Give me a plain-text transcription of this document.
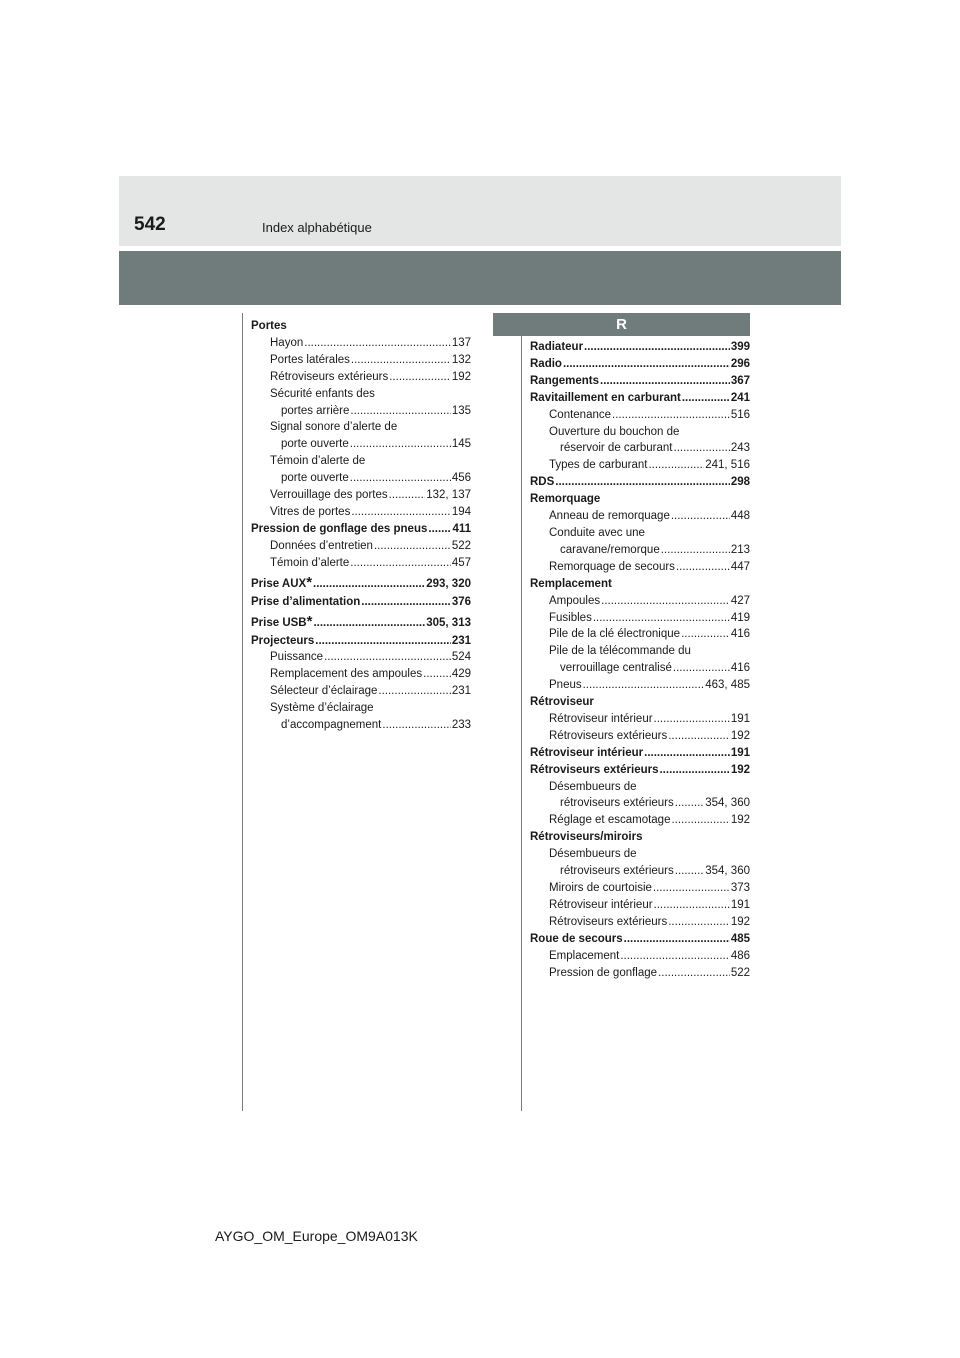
542	Index alphabétique
R
Portes
Hayon .....	137
Portes latérales .....	132
Rétroviseurs extérieurs .....	192
Sécurité enfants des
portes arrière .....	135
Signal sonore d’alerte de
porte ouverte .....	145
Témoin d’alerte de
porte ouverte .....	456
Verrouillage des portes .....	132, 137
Vitres de portes .....	194
Pression de gonflage des pneus ..... 411
Données d’entretien .....	522
Témoin d’alerte .....	457
Prise AUX * .....	293, 320
Prise d’alimentation .....	376
Prise USB * .....	305, 313
Projecteurs .....	231
Puissance .....	524
Remplacement des ampoules .....	429
Sélecteur d’éclairage .....	231
Système d’éclairage
d’accompagnement .....	233
Radiateur .....	399
Radio .....	296
Rangements .....	367
Ravitaillement en carburant .....	241
Contenance .....	516
Ouverture du bouchon de
réservoir de carburant .....	243
Types de carburant .....	241, 516
RDS .....	298
Remorquage
Anneau de remorquage .....	448
Conduite avec une
caravane/remorque .....	213
Remorquage de secours .....	447
Remplacement
Ampoules .....	427
Fusibles .....	419
Pile de la clé électronique .....	416
Pile de la télécommande du
verrouillage centralisé .....	416
Pneus .....	463, 485
Rétroviseur
Rétroviseur intérieur .....	191
Rétroviseurs extérieurs .....	192
Rétroviseur intérieur .....	191
Rétroviseurs extérieurs .....	192
Désembueurs de
rétroviseurs extérieurs .....	354, 360
Réglage et escamotage .....	192
Rétroviseurs/miroirs
Désembueurs de
rétroviseurs extérieurs .....	354, 360
Miroirs de courtoisie .....	373
Rétroviseur intérieur .....	191
Rétroviseurs extérieurs .....	192
Roue de secours .....	485
Emplacement .....	486
Pression de gonflage .....	522
AYGO_OM_Europe_OM9A013K
